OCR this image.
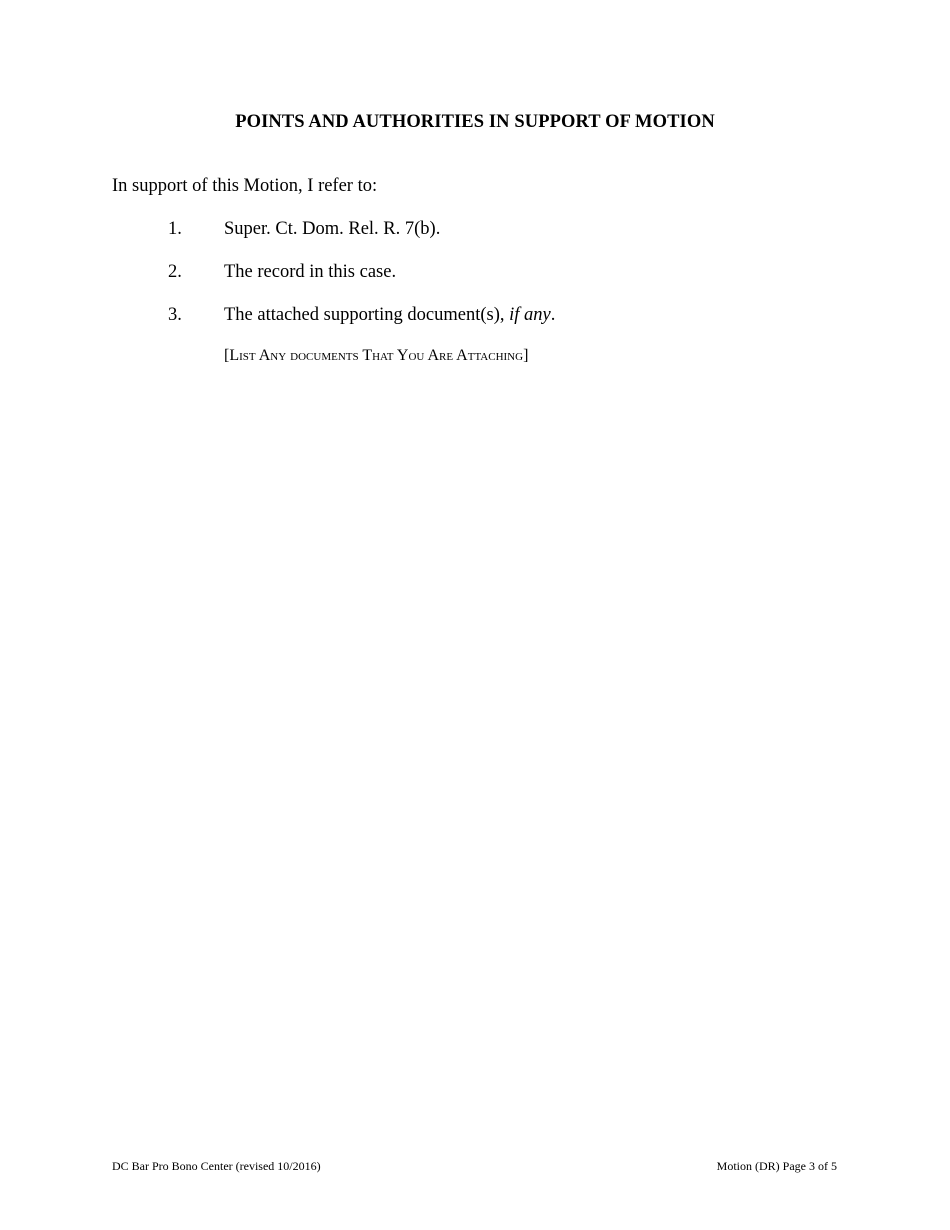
POINTS AND AUTHORITIES IN SUPPORT OF MOTION
In support of this Motion, I refer to:
1. Super. Ct. Dom. Rel. R. 7(b).
2. The record in this case.
3. The attached supporting document(s), if any.
[List Any documents That You Are Attaching]
DC Bar Pro Bono Center (revised 10/2016)	Motion (DR) Page 3 of 5
